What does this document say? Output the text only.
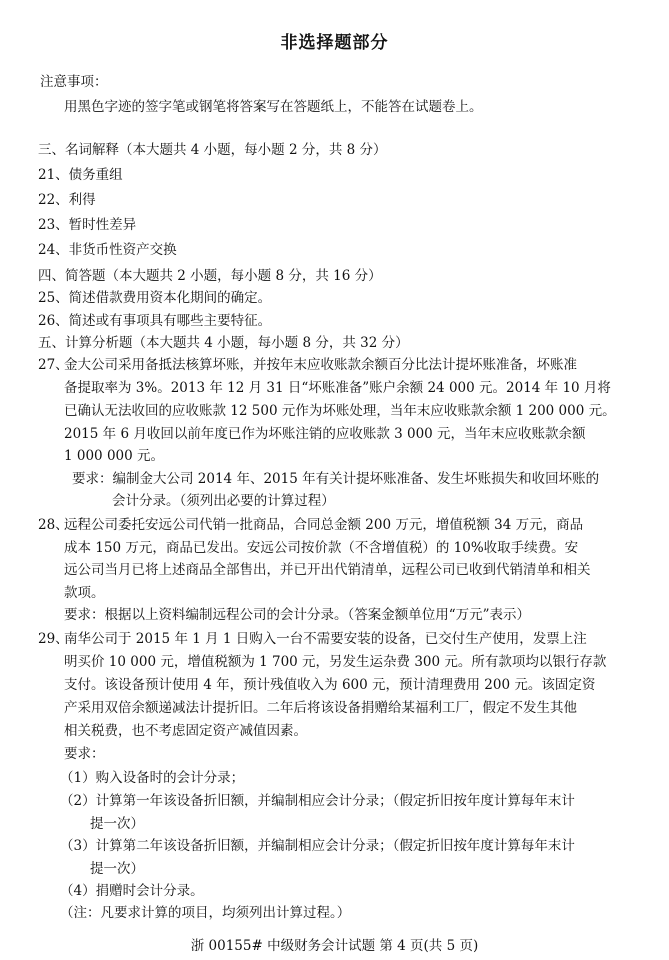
非选择题部分
注意事项：
用黑色字迹的签字笔或钢笔将答案写在答题纸上，不能答在试题卷上。
三、名词解释（本大题共 4 小题，每小题 2 分，共 8 分）
21、债务重组
22、利得
23、暂时性差异
24、非货币性资产交换
四、简答题（本大题共 2 小题，每小题 8 分，共 16 分）
25、简述借款费用资本化期间的确定。
26、简述或有事项具有哪些主要特征。
五、计算分析题（本大题共 4 小题，每小题 8 分，共 32 分）
27、
金大公司采用备抵法核算坏账，并按年末应收账款余额百分比法计提坏账准备，坏账准
备提取率为 3%。2013 年 12 月 31 日“坏账准备”账户余额 24 000 元。2014 年 10 月将
已确认无法收回的应收账款 12 500 元作为坏账处理，当年末应收账款余额 1 200 000 元。
2015 年 6 月收回以前年度已作为坏账注销的应收账款 3 000 元，当年末应收账款余额
1 000 000 元。
要求：编制金大公司 2014 年、2015 年有关计提坏账准备、发生坏账损失和收回坏账的
会计分录。（须列出必要的计算过程）
28、
远程公司委托安远公司代销一批商品，合同总金额 200 万元，增值税额 34 万元，商品
成本 150 万元，商品已发出。安远公司按价款（不含增值税）的 10%收取手续费。安
远公司当月已将上述商品全部售出，并已开出代销清单，远程公司已收到代销清单和相关
款项。
要求：根据以上资料编制远程公司的会计分录。（答案金额单位用“万元”表示）
29、
南华公司于 2015 年 1 月 1 日购入一台不需要安装的设备，已交付生产使用，发票上注
明买价 10 000 元，增值税额为 1 700 元，另发生运杂费 300 元。所有款项均以银行存款
支付。该设备预计使用 4 年，预计残值收入为 600 元，预计清理费用 200 元。该固定资
产采用双倍余额递减法计提折旧。二年后将该设备捐赠给某福利工厂，假定不发生其他
相关税费，也不考虑固定资产减值因素。
要求：
（1）购入设备时的会计分录；
（2）计算第一年该设备折旧额，并编制相应会计分录；（假定折旧按年度计算每年末计
提一次）
（3）计算第二年该设备折旧额，并编制相应会计分录；（假定折旧按年度计算每年末计
提一次）
（4）捐赠时会计分录。
（注：凡要求计算的项目，均须列出计算过程。）
浙 00155# 中级财务会计试题 第 4 页(共 5 页)
